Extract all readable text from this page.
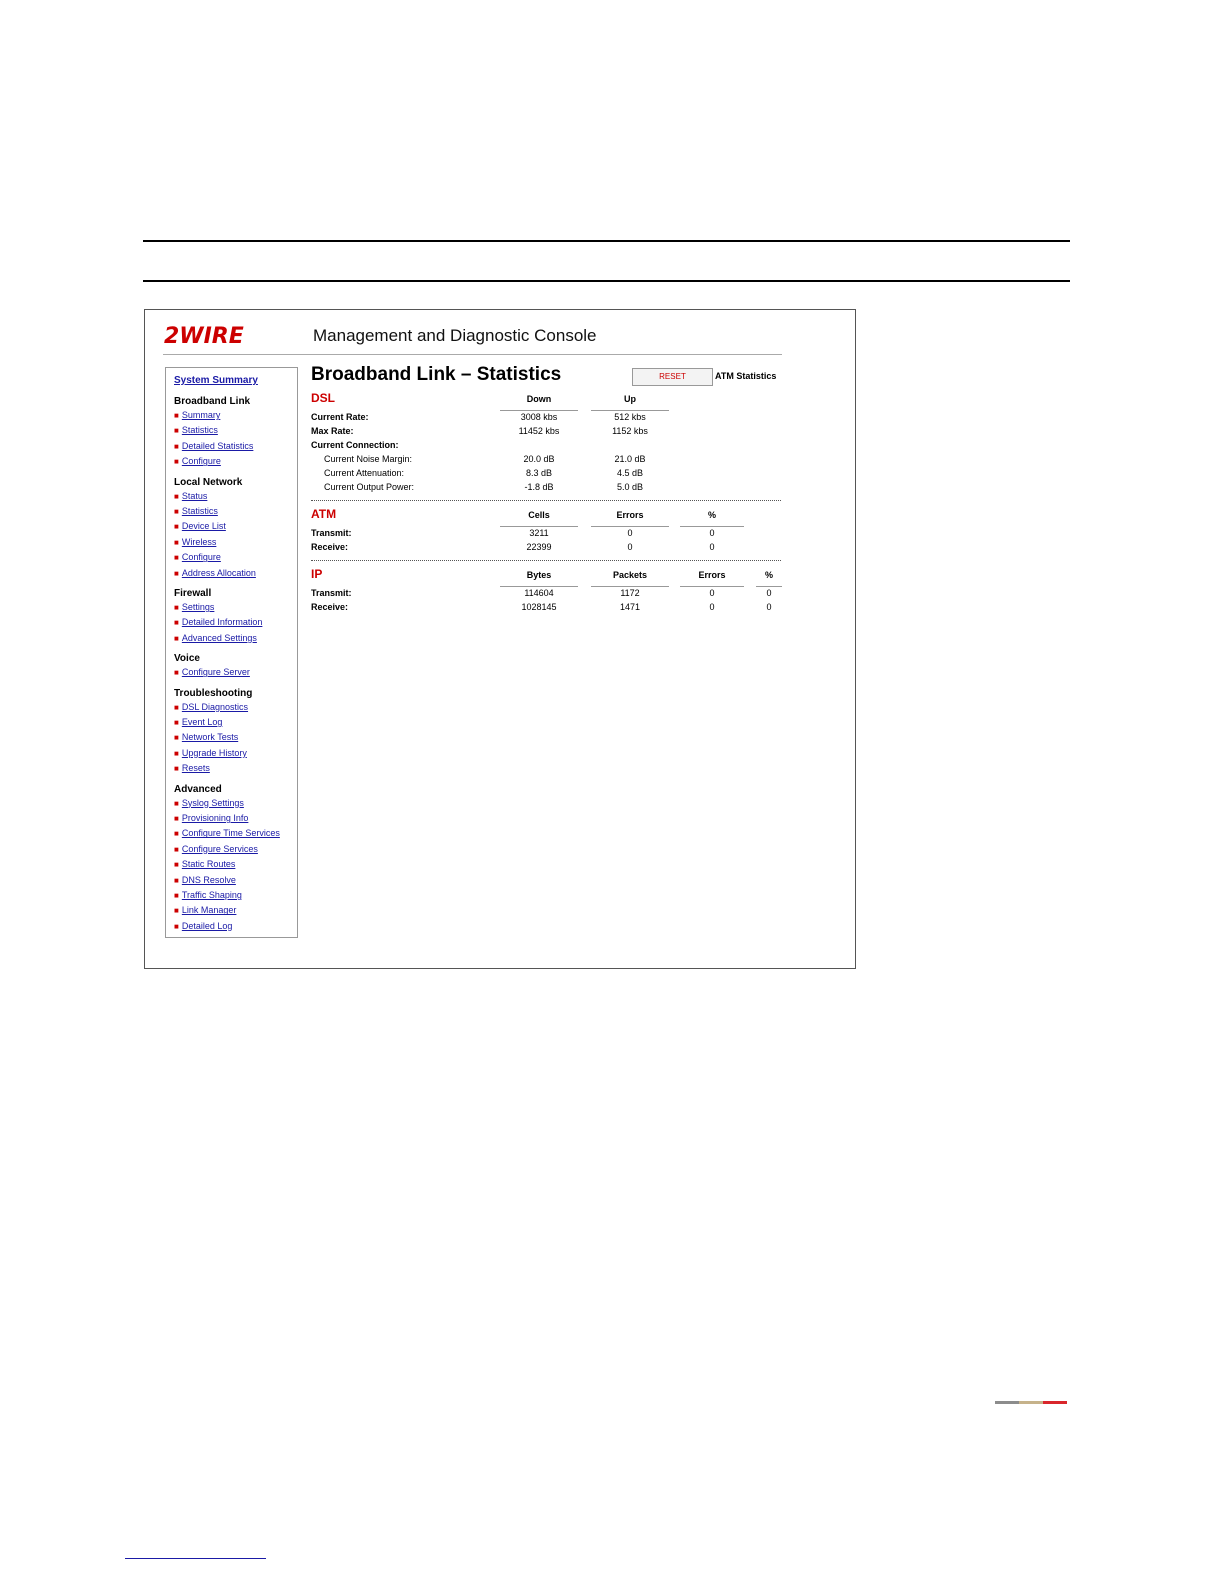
2WIRE	Management and Diagnostic Console
System Summary
Broadband Link
■ Summary
■ Statistics
■ Detailed Statistics
■ Configure
Local Network
■ Status
■ Statistics
■ Device List
■ Wireless
■ Configure
■ Address Allocation
Firewall
■ Settings
■ Detailed Information
■ Advanced Settings
Voice
■ Configure Server
Troubleshooting
■ DSL Diagnostics
■ Event Log
■ Network Tests
■ Upgrade History
■ Resets
Advanced
■ Syslog Settings
■ Provisioning Info
■ Configure Time Services
■ Configure Services
■ Static Routes
■ DNS Resolve
■ Traffic Shaping
■ Link Manager
■ Detailed Log
Broadband Link – Statistics	RESET	ATM Statistics
DSL	Down	Up
Current Rate:	3008 kbs	512 kbs
Max Rate:	11452 kbs	1152 kbs
Current Connection:
Current Noise Margin:	20.0 dB	21.0 dB
Current Attenuation:	8.3 dB	4.5 dB
Current Output Power:	-1.8 dB	5.0 dB
ATM	Cells	Errors	%
Transmit:	3211	0	0
Receive:	22399	0	0
IP	Bytes	Packets	Errors	%
Transmit:	114604	1172	0	0
Receive:	1028145	1471	0	0
